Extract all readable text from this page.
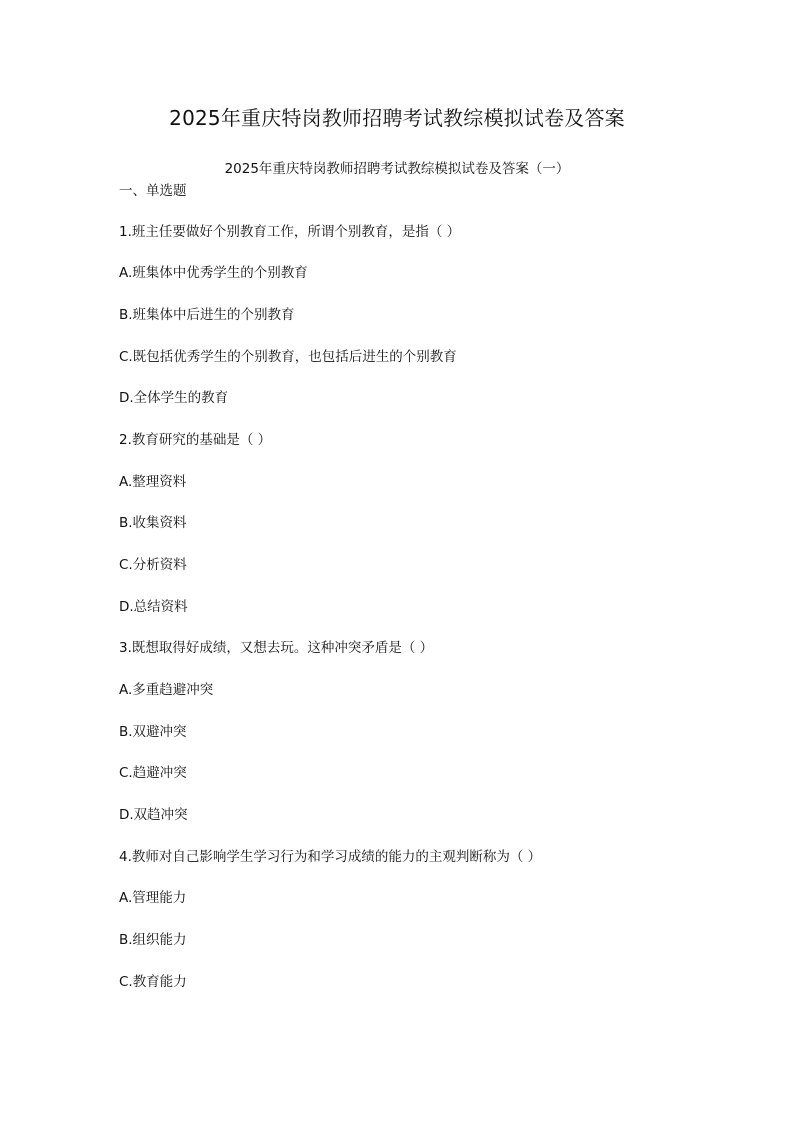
2025年重庆特岗教师招聘考试教综模拟试卷及答案
2025年重庆特岗教师招聘考试教综模拟试卷及答案（一）
一、单选题
1.班主任要做好个别教育工作，所谓个别教育，是指（ ）
A.班集体中优秀学生的个别教育
B.班集体中后进生的个别教育
C.既包括优秀学生的个别教育，也包括后进生的个别教育
D.全体学生的教育
2.教育研究的基础是（ ）
A.整理资料
B.收集资料
C.分析资料
D.总结资料
3.既想取得好成绩，又想去玩。这种冲突矛盾是（ ）
A.多重趋避冲突
B.双避冲突
C.趋避冲突
D.双趋冲突
4.教师对自己影响学生学习行为和学习成绩的能力的主观判断称为（ ）
A.管理能力
B.组织能力
C.教育能力
